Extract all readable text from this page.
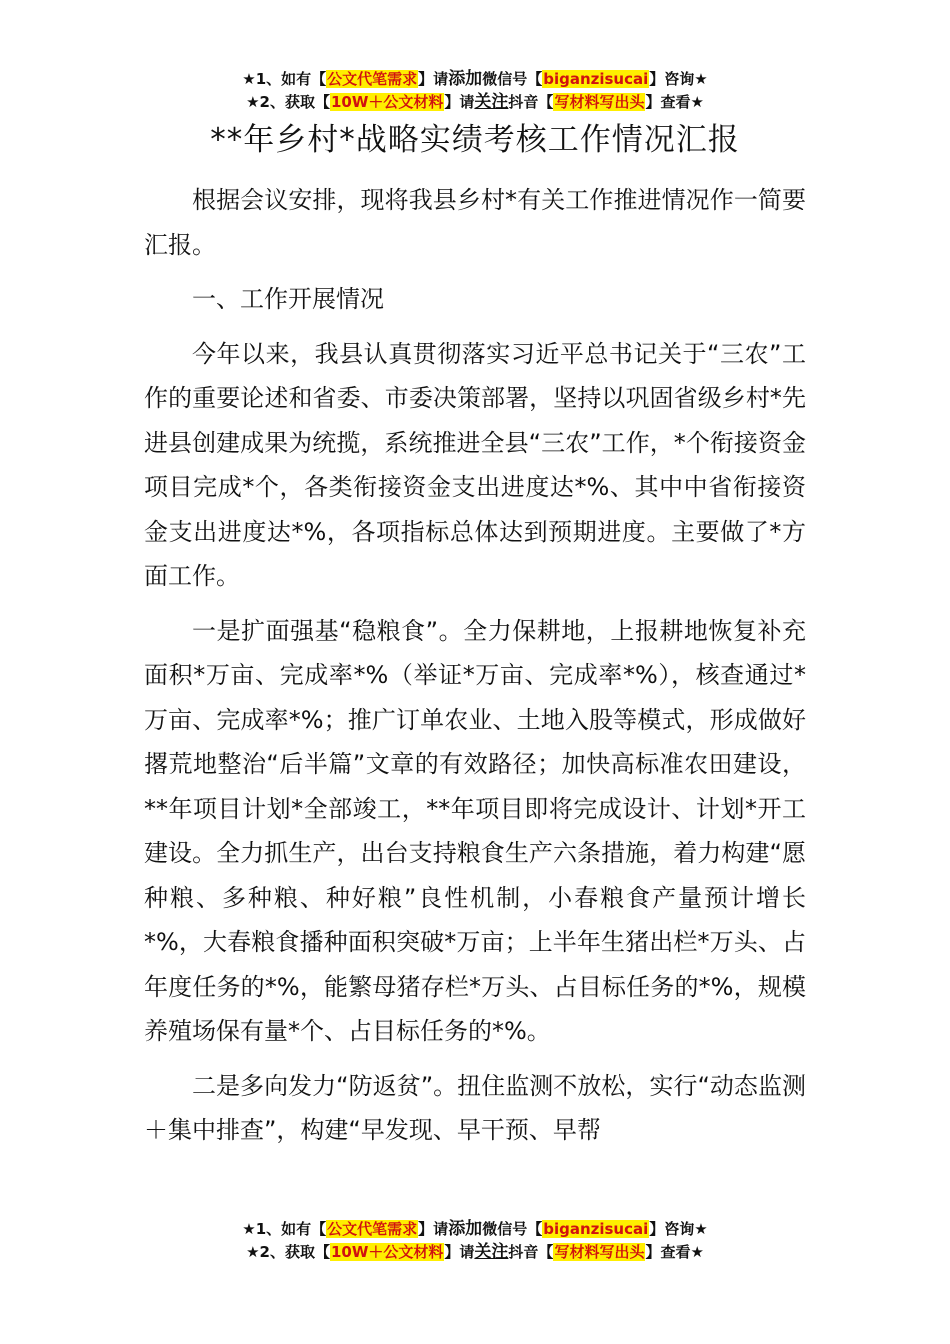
★1、如有【公文代笔需求】请添加微信号【biganzisucai】咨询★
★2、获取【10W＋公文材料】请关注抖音【写材料写出头】查看★
**年乡村*战略实绩考核工作情况汇报

根据会议安排，现将我县乡村*有关工作推进情况作一简要汇报。

一、工作开展情况

今年以来，我县认真贯彻落实习近平总书记关于“三农”工作的重要论述和省委、市委决策部署，坚持以巩固省级乡村*先进县创建成果为统揽，系统推进全县“三农”工作，*个衔接资金项目完成*个，各类衔接资金支出进度达*%、其中中省衔接资金支出进度达*%，各项指标总体达到预期进度。主要做了*方面工作。

一是扩面强基“稳粮食”。全力保耕地，上报耕地恢复补充面积*万亩、完成率*%（举证*万亩、完成率*%），核查通过*万亩、完成率*%；推广订单农业、土地入股等模式，形成做好撂荒地整治“后半篇”文章的有效路径；加快高标准农田建设，**年项目计划*全部竣工，**年项目即将完成设计、计划*开工建设。全力抓生产，出台支持粮食生产六条措施，着力构建“愿种粮、多种粮、种好粮”良性机制，小春粮食产量预计增长*%，大春粮食播种面积突破*万亩；上半年生猪出栏*万头、占年度任务的*%，能繁母猪存栏*万头、占目标任务的*%，规模养殖场保有量*个、占目标任务的*%。

二是多向发力“防返贫”。扭住监测不放松，实行“动态监测＋集中排查”，构建“早发现、早干预、早帮

★1、如有【公文代笔需求】请添加微信号【biganzisucai】咨询★
★2、获取【10W＋公文材料】请关注抖音【写材料写出头】查看★
